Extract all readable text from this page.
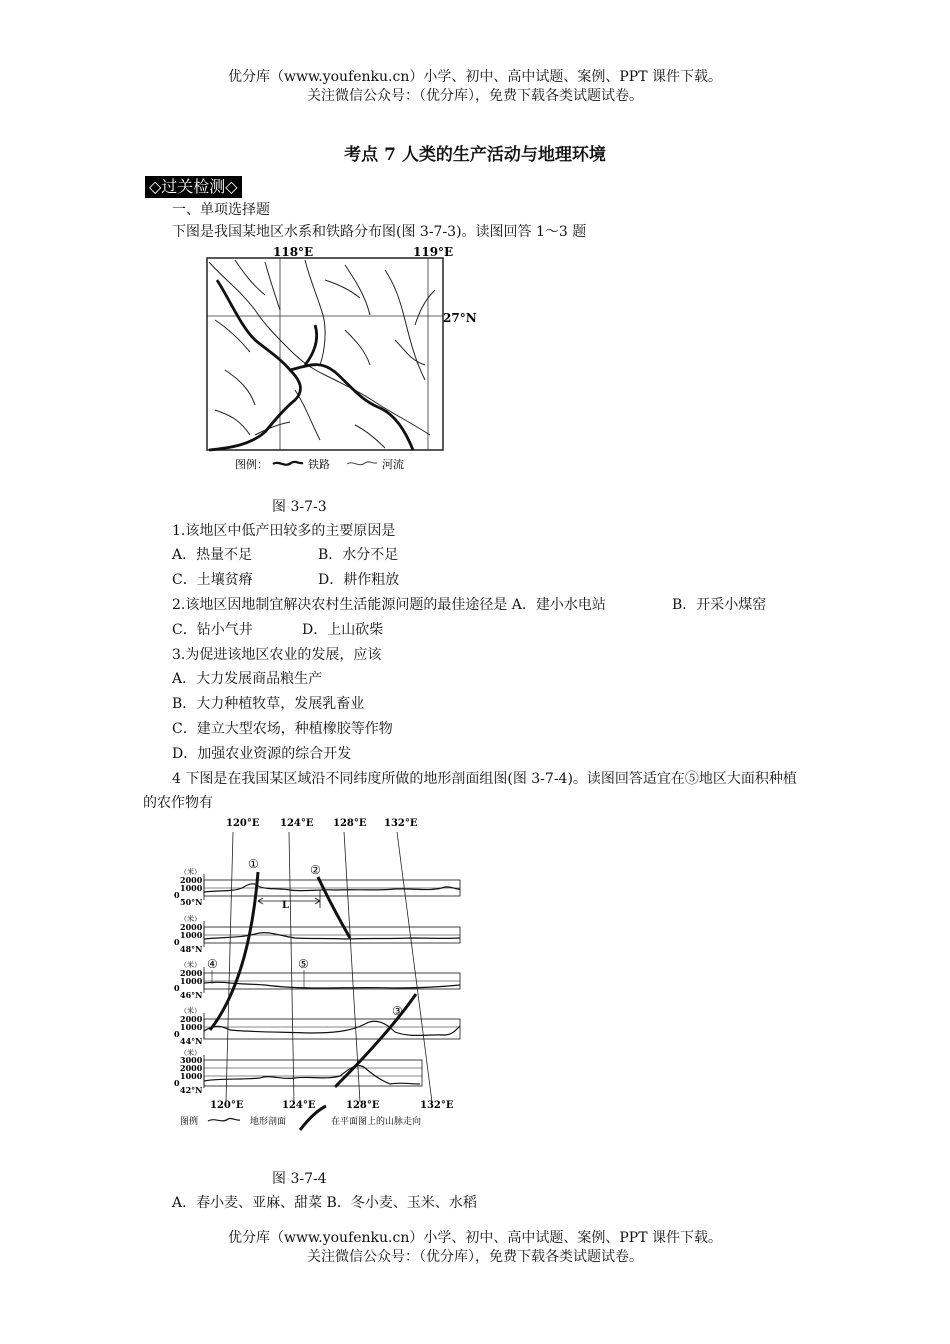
优分库（www.youfenku.cn）小学、初中、高中试题、案例、PPT 课件下载。
关注微信公众号：（优分库），免费下载各类试题试卷。
考点 7 人类的生产活动与地理环境
◇过关检测◇
一、单项选择题
下图是我国某地区水系和铁路分布图(图 3-7-3)。读图回答 1～3 题
118°E	119°E
27°N
图例：	铁路	河流
图 3-7-3
1.该地区中低产田较多的主要原因是
A．热量不足	B．水分不足
C．土壤贫瘠	D．耕作粗放
2.该地区因地制宜解决农村生活能源问题的最佳途径是 A．建小水电站	B．开采小煤窑
C．钻小气井	D．上山砍柴
3.为促进该地区农业的发展，应该
A．大力发展商品粮生产
B．大力种植牧草，发展乳畜业
C．建立大型农场，种植橡胶等作物
D．加强农业资源的综合开发
4 下图是在我国某区域沿不同纬度所做的地形剖面组图(图 3-7-4)。读图回答适宜在⑤地区大面积种植
的农作物有
120°E 124°E 128°E 132°E
（米）
2000
1000
0
50°N
（米）
2000
1000
0
48°N
（米）
2000
1000
0
46°N
（米）
2000
1000
0
44°N
（米）
3000
2000
1000
0
42°N
L
①	②
③
④	⑤
120°E	124°E	128°E	132°E
图例	地形剖面	在平面图上的山脉走向
图 3-7-4
A．春小麦、亚麻、甜菜 B．冬小麦、玉米、水稻
优分库（www.youfenku.cn）小学、初中、高中试题、案例、PPT 课件下载。
关注微信公众号：（优分库），免费下载各类试题试卷。
